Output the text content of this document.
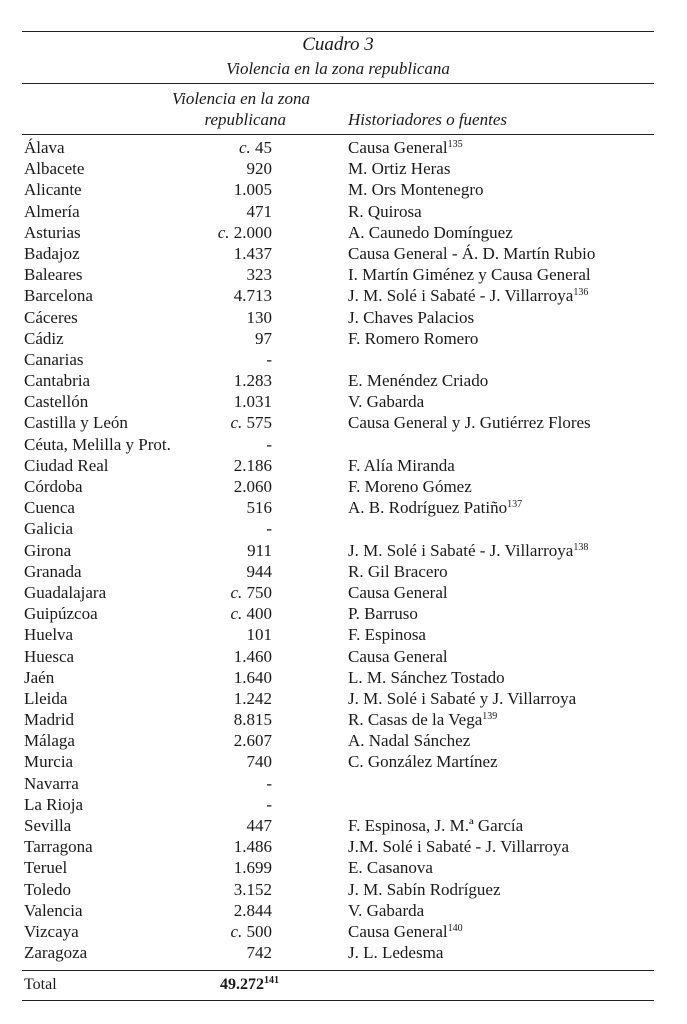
Cuadro 3
Violencia en la zona republicana
Violencia en la zona
republicana	Historiadores o fuentes
Álava	c. 45	Causa General$^{135}$
Albacete	920	M. Ortiz Heras
Alicante	1.005	M. Ors Montenegro
Almería	471	R. Quirosa
Asturias	c. 2.000	A. Caunedo Domínguez
Badajoz	1.437	Causa General - Á. D. Martín Rubio
Baleares	323	I. Martín Giménez y Causa General
Barcelona	4.713	J. M. Solé i Sabaté - J. Villarroya$^{136}$
Cáceres	130	J. Chaves Palacios
Cádiz	97	F. Romero Romero
Canarias	-
Cantabria	1.283	E. Menéndez Criado
Castellón	1.031	V. Gabarda
Castilla y León	c. 575	Causa General y J. Gutiérrez Flores
Céuta, Melilla y Prot.	-
Ciudad Real	2.186	F. Alía Miranda
Córdoba	2.060	F. Moreno Gómez
Cuenca	516	A. B. Rodríguez Patiño$^{137}$
Galicia	-
Girona	911	J. M. Solé i Sabaté - J. Villarroya$^{138}$
Granada	944	R. Gil Bracero
Guadalajara	c. 750	Causa General
Guipúzcoa	c. 400	P. Barruso
Huelva	101	F. Espinosa
Huesca	1.460	Causa General
Jaén	1.640	L. M. Sánchez Tostado
Lleida	1.242	J. M. Solé i Sabaté y J. Villarroya
Madrid	8.815	R. Casas de la Vega$^{139}$
Málaga	2.607	A. Nadal Sánchez
Murcia	740	C. González Martínez
Navarra	-
La Rioja	-
Sevilla	447	F. Espinosa, J. M.ª García
Tarragona	1.486	J.M. Solé i Sabaté - J. Villarroya
Teruel	1.699	E. Casanova
Toledo	3.152	J. M. Sabín Rodríguez
Valencia	2.844	V. Gabarda
Vizcaya	c. 500	Causa General$^{140}$
Zaragoza	742	J. L. Ledesma
Total	49.272$^{141}$
